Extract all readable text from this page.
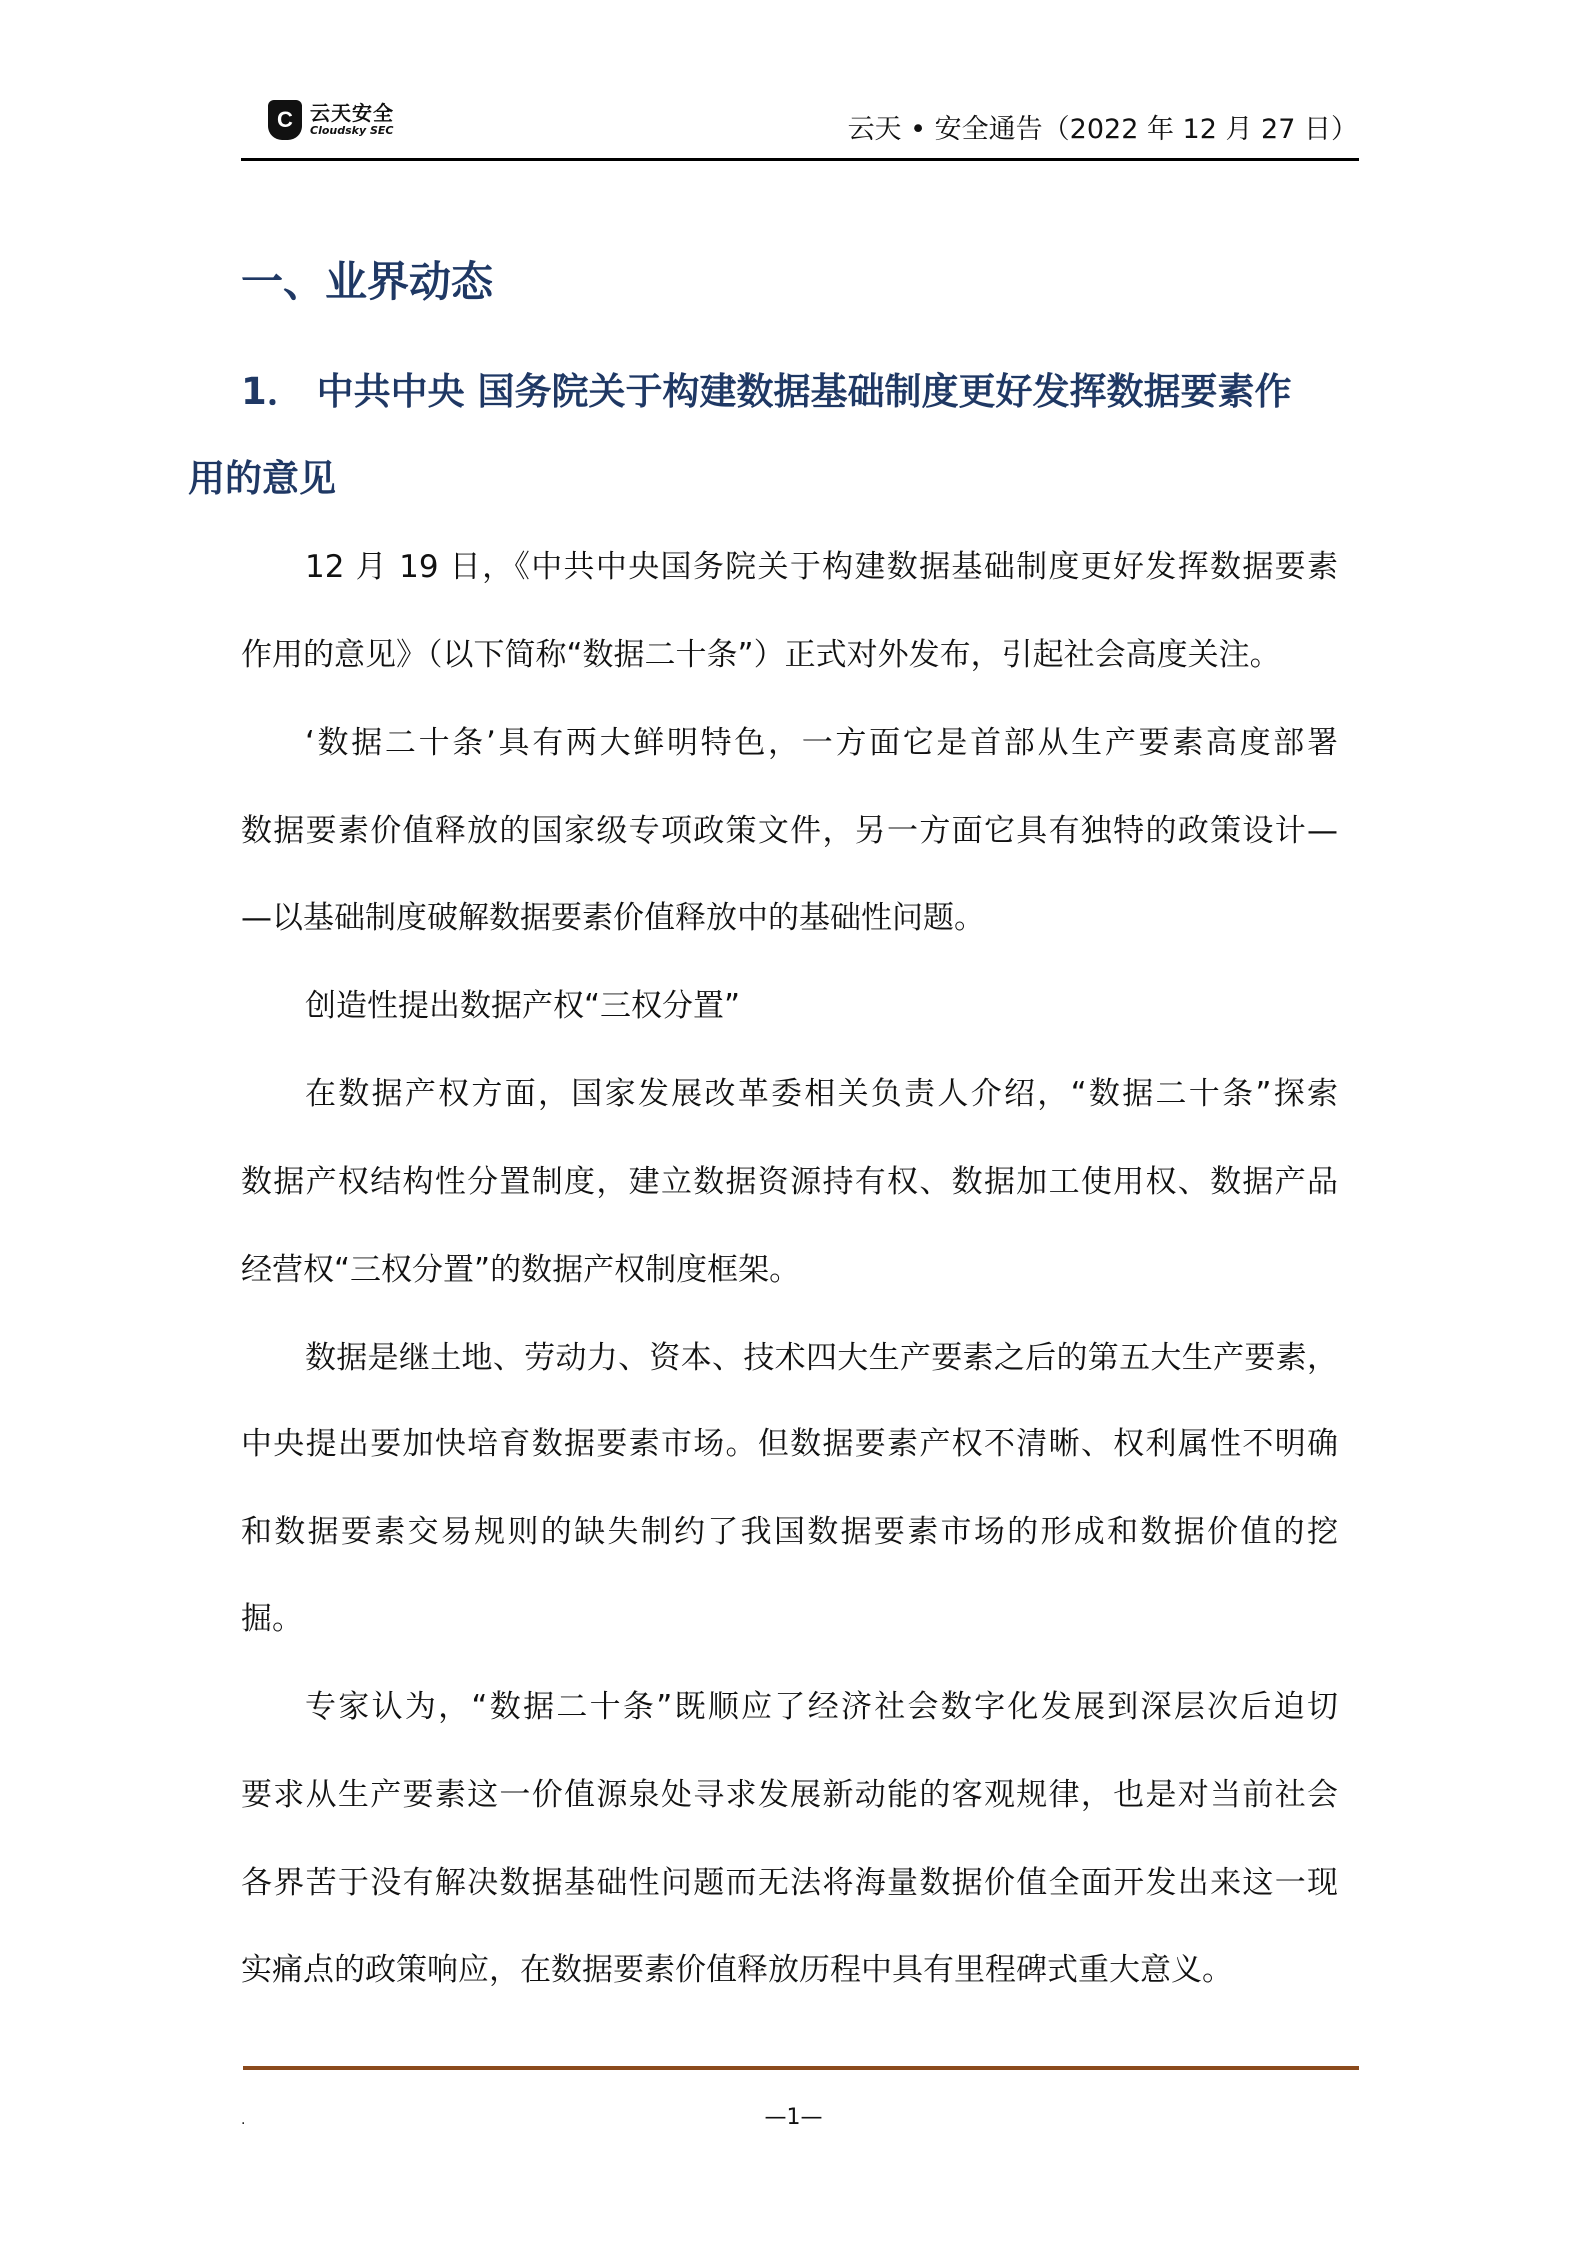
C 云天安全
Cloudsky SEC	云天 • 安全通告（2022 年 12 月 27 日）
一、业界动态
1． 中共中央 国务院关于构建数据基础制度更好发挥数据要素作
用的意见
12 月 19 日，《中共中央国务院关于构建数据基础制度更好发挥数据要素
作用的意见》（以下简称“数据二十条”）正式对外发布，引起社会高度关注。
‘数据二十条’具有两大鲜明特色，一方面它是首部从生产要素高度部署
数据要素价值释放的国家级专项政策文件，另一方面它具有独特的政策设计—
—以基础制度破解数据要素价值释放中的基础性问题。
创造性提出数据产权“三权分置”
在数据产权方面，国家发展改革委相关负责人介绍，“数据二十条”探索
数据产权结构性分置制度，建立数据资源持有权、数据加工使用权、数据产品
经营权“三权分置”的数据产权制度框架。
数据是继土地、劳动力、资本、技术四大生产要素之后的第五大生产要素，
中央提出要加快培育数据要素市场。但数据要素产权不清晰、权利属性不明确
和数据要素交易规则的缺失制约了我国数据要素市场的形成和数据价值的挖
掘。
专家认为，“数据二十条”既顺应了经济社会数字化发展到深层次后迫切
要求从生产要素这一价值源泉处寻求发展新动能的客观规律，也是对当前社会
各界苦于没有解决数据基础性问题而无法将海量数据价值全面开发出来这一现
实痛点的政策响应，在数据要素价值释放历程中具有里程碑式重大意义。
.	—1—
